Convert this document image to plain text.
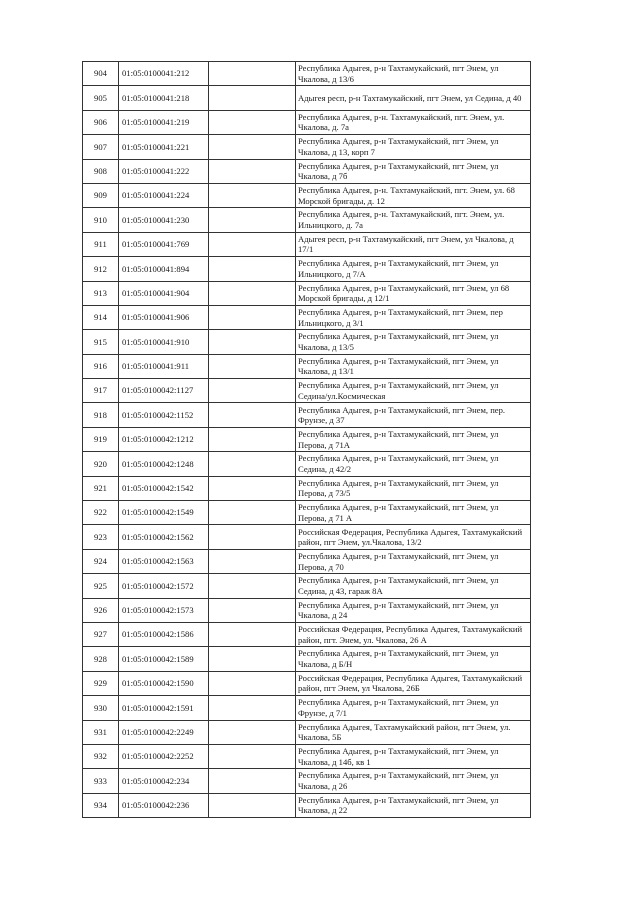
904	01:05:0100041:212		Республика Адыгея, р-н Тахтамукайский, пгт Энем, ул Чкалова, д 13/6
905	01:05:0100041:218		Адыгея респ, р-н Тахтамукайский, пгт Энем, ул Седина, д 40
906	01:05:0100041:219		Республика Адыгея, р-н. Тахтамукайский, пгт. Энем, ул. Чкалова, д. 7а
907	01:05:0100041:221		Республика Адыгея, р-н Тахтамукайский, пгт Энем, ул Чкалова, д 13, корп 7
908	01:05:0100041:222		Республика Адыгея, р-н Тахтамукайский, пгт Энем, ул Чкалова, д 7б
909	01:05:0100041:224		Республика Адыгея, р-н. Тахтамукайский, пгт. Энем, ул. 68 Морской бригады, д. 12
910	01:05:0100041:230		Республика Адыгея, р-н. Тахтамукайский, пгт. Энем, ул. Ильницкого, д. 7а
911	01:05:0100041:769		Адыгея респ, р-н Тахтамукайский, пгт Энем, ул Чкалова, д 17/1
912	01:05:0100041:894		Республика Адыгея, р-н Тахтамукайский, пгт Энем, ул Ильницкого, д 7/А
913	01:05:0100041:904		Республика Адыгея, р-н Тахтамукайский, пгт Энем, ул 68 Морской бригады, д 12/1
914	01:05:0100041:906		Республика Адыгея, р-н Тахтамукайский, пгт Энем, пер Ильницкого, д 3/1
915	01:05:0100041:910		Республика Адыгея, р-н Тахтамукайский, пгт Энем, ул Чкалова, д 13/5
916	01:05:0100041:911		Республика Адыгея, р-н Тахтамукайский, пгт Энем, ул Чкалова, д 13/1
917	01:05:0100042:1127		Республика Адыгея, р-н Тахтамукайский, пгт Энем, ул Седина/ул.Космическая
918	01:05:0100042:1152		Республика Адыгея, р-н Тахтамукайский, пгт Энем, пер. Фрунзе, д 37
919	01:05:0100042:1212		Республика Адыгея, р-н Тахтамукайский, пгт Энем, ул Перова, д 71А
920	01:05:0100042:1248		Республика Адыгея, р-н Тахтамукайский, пгт Энем, ул Седина, д 42/2
921	01:05:0100042:1542		Республика Адыгея, р-н Тахтамукайский, пгт Энем, ул Перова, д 73/5
922	01:05:0100042:1549		Республика Адыгея, р-н Тахтамукайский, пгт Энем, ул Перова, д 71 А
923	01:05:0100042:1562		Российская Федерация, Республика Адыгея, Тахтамукайский район, пгт Энем, ул.Чкалова, 13/2
924	01:05:0100042:1563		Республика Адыгея, р-н Тахтамукайский, пгт Энем, ул Перова, д 70
925	01:05:0100042:1572		Республика Адыгея, р-н Тахтамукайский, пгт Энем, ул Седина, д 43, гараж 8А
926	01:05:0100042:1573		Республика Адыгея, р-н Тахтамукайский, пгт Энем, ул Чкалова, д 24
927	01:05:0100042:1586		Российская Федерация, Республика Адыгея, Тахтамукайский район, пгт. Энем, ул. Чкалова, 26 А
928	01:05:0100042:1589		Республика Адыгея, р-н Тахтамукайский, пгт Энем, ул Чкалова, д Б/Н
929	01:05:0100042:1590		Российская Федерация, Республика Адыгея, Тахтамукайский район, пгт Энем, ул Чкалова, 26Б
930	01:05:0100042:1591		Республика Адыгея, р-н Тахтамукайский, пгт Энем, ул Фрунзе, д 7/1
931	01:05:0100042:2249		Республика Адыгея, Тахтамукайский район, пгт Энем, ул. Чкалова, 5Б
932	01:05:0100042:2252		Республика Адыгея, р-н Тахтамукайский, пгт Энем, ул Чкалова, д 14б, кв 1
933	01:05:0100042:234		Республика Адыгея, р-н Тахтамукайский, пгт Энем, ул Чкалова, д 26
934	01:05:0100042:236		Республика Адыгея, р-н Тахтамукайский, пгт Энем, ул Чкалова, д 22
